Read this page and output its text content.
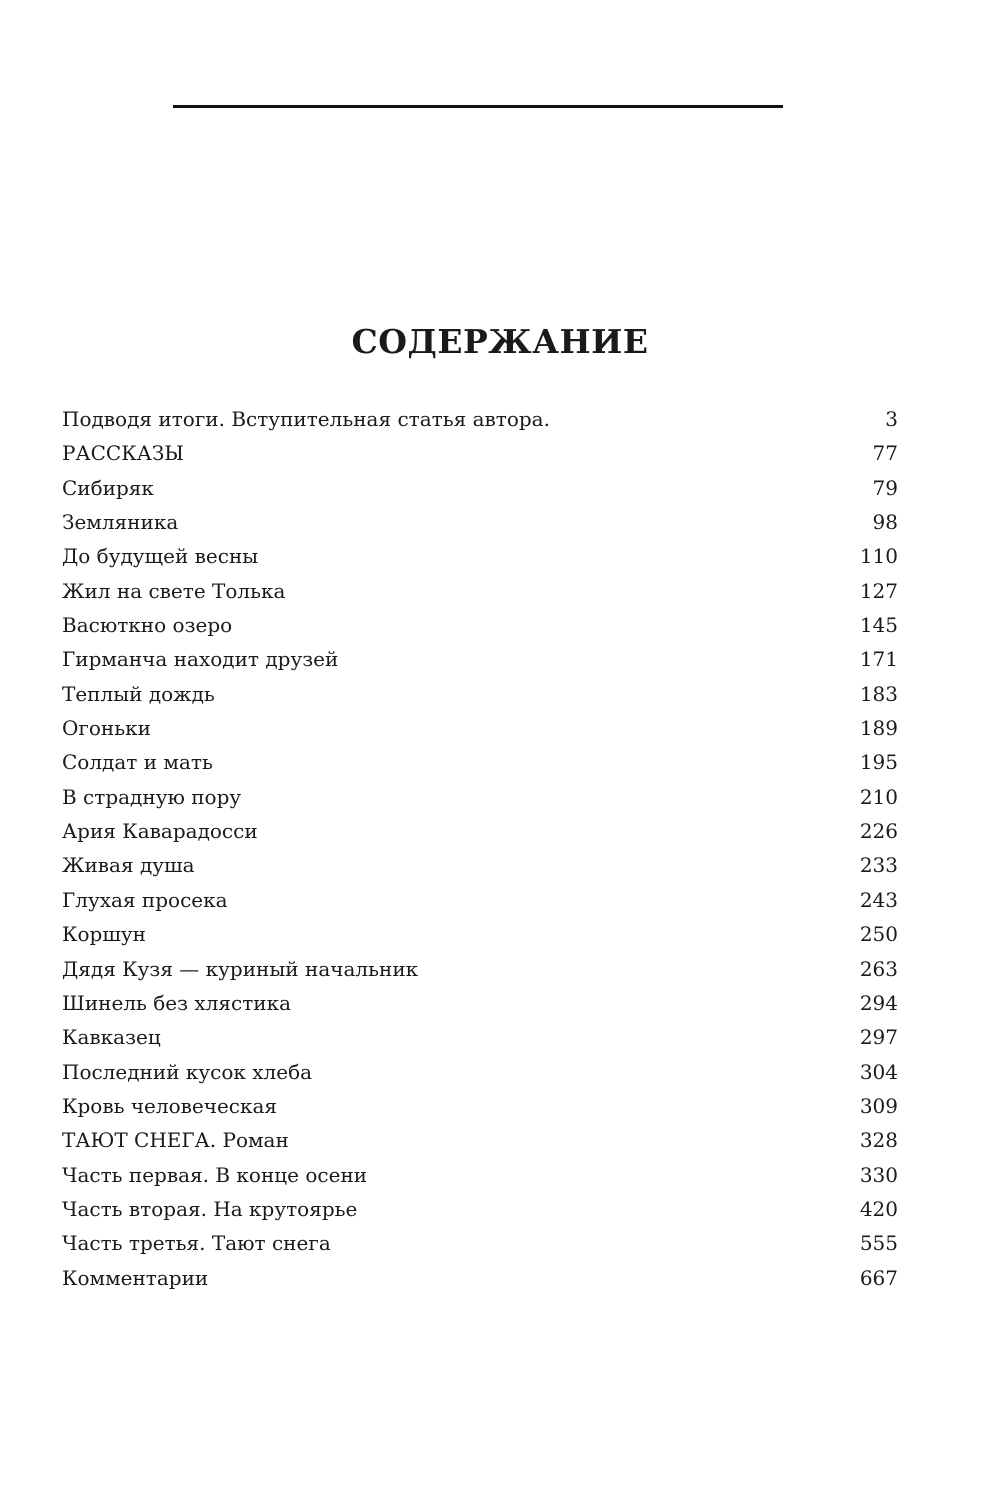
СОДЕРЖАНИЕ
Подводя итоги. Вступительная статья автора. .....	3
РАССКАЗЫ .....	77
Сибиряк .....	79
Земляника .....	98
До будущей весны .....	110
Жил на свете Толька .....	127
Васюткно озеро .....	145
Гирманча находит друзей .....	171
Теплый дождь .....	183
Огоньки .....	189
Солдат и мать .....	195
В страдную пору .....	210
Ария Каварадосси .....	226
Живая душа .....	233
Глухая просека .....	243
Коршун .....	250
Дядя Кузя — куриный начальник .....	263
Шинель без хлястика .....	294
Кавказец .....	297
Последний кусок хлеба .....	304
Кровь человеческая .....	309
ТАЮТ СНЕГА. Роман .....	328
Часть первая. В конце осени .....	330
Часть вторая. На крутоярье .....	420
Часть третья. Тают снега .....	555
Комментарии .....	667
